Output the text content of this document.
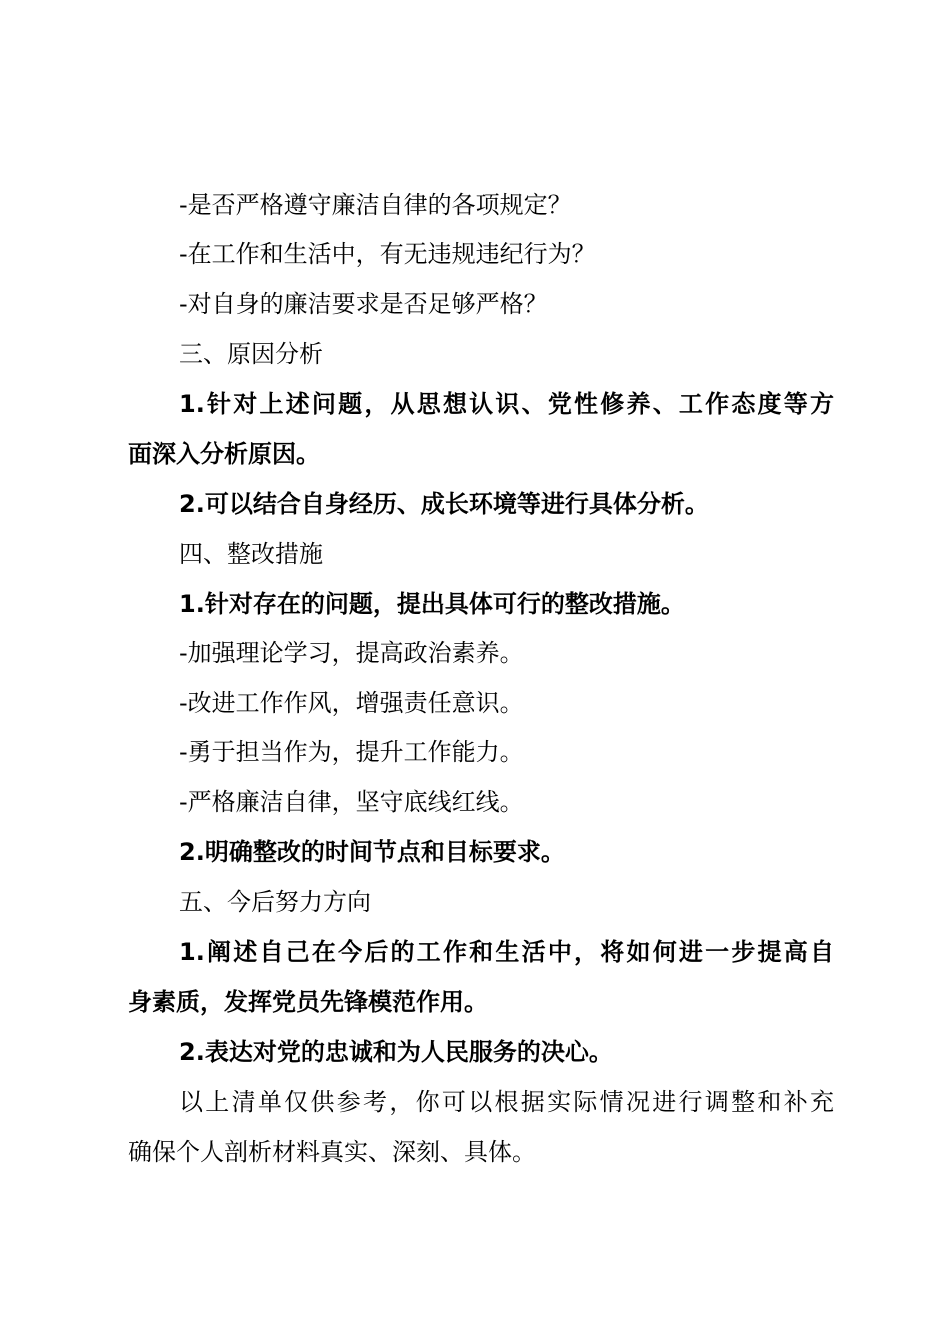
-是否严格遵守廉洁自律的各项规定？

-在工作和生活中，有无违规违纪行为？

-对自身的廉洁要求是否足够严格？

三、原因分析

1.针对上述问题，从思想认识、党性修养、工作态度等方

面深入分析原因。

2.可以结合自身经历、成长环境等进行具体分析。

四、整改措施

1.针对存在的问题，提出具体可行的整改措施。

-加强理论学习，提高政治素养。

-改进工作作风，增强责任意识。

-勇于担当作为，提升工作能力。

-严格廉洁自律，坚守底线红线。

2.明确整改的时间节点和目标要求。

五、今后努力方向

1.阐述自己在今后的工作和生活中，将如何进一步提高自

身素质，发挥党员先锋模范作用。

2.表达对党的忠诚和为人民服务的决心。

以上清单仅供参考，你可以根据实际情况进行调整和补充

确保个人剖析材料真实、深刻、具体。
